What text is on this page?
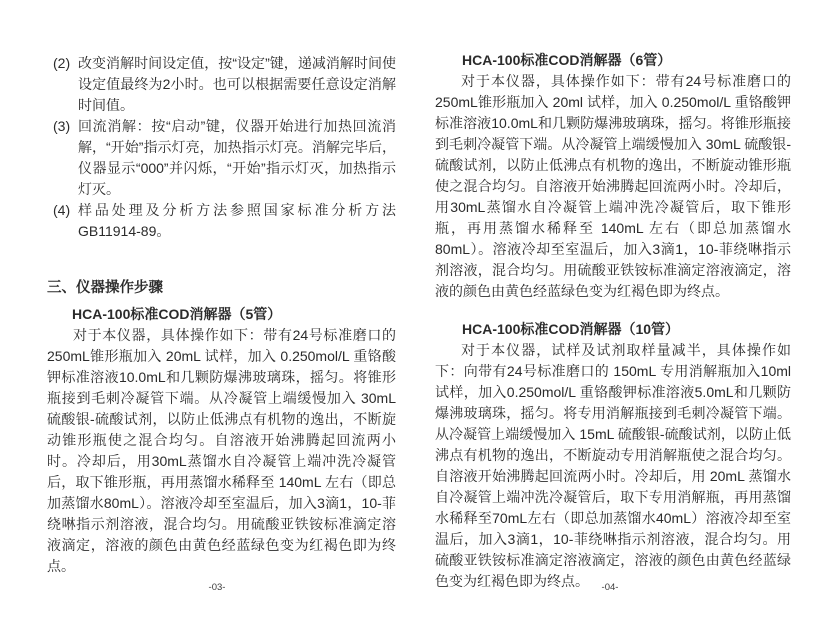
(2) 改变消解时间设定值，按“设定”键，递减消解时间使设定值最终为2小时。也可以根据需要任意设定消解时间值。
(3) 回流消解：按“启动”键，仪器开始进行加热回流消解，“开始”指示灯亮，加热指示灯亮。消解完毕后，仪器显示“000”并闪烁，“开始”指示灯灭，加热指示灯灭。
(4) 样品处理及分析方法参照国家标准分析方法GB11914-89。
三、仪器操作步骤
HCA-100标准COD消解器（5管）

对于本仪器，具体操作如下：带有24号标准磨口的250mL锥形瓶加入 20mL 试样，加入 0.250mol/L 重铬酸钾标准溶液10.0mL和几颗防爆沸玻璃珠，摇匀。将锥形瓶接到毛刺冷凝管下端。从冷凝管上端缓慢加入 30mL 硫酸银-硫酸试剂，以防止低沸点有机物的逸出，不断旋动锥形瓶使之混合均匀。自溶液开始沸腾起回流两小时。冷却后，用30mL蒸馏水自冷凝管上端冲洗冷凝管后，取下锥形瓶，再用蒸馏水稀释至 140mL 左右（即总加蒸馏水80mL）。溶液冷却至室温后，加入3滴1，10-菲绕啉指示剂溶液，混合均匀。用硫酸亚铁铵标准滴定溶液滴定，溶液的颜色由黄色经蓝绿色变为红褐色即为终点。

HCA-100标准COD消解器（6管）

对于本仪器，具体操作如下：带有24号标准磨口的250mL锥形瓶加入 20ml 试样，加入 0.250mol/L 重铬酸钾标准溶液10.0mL和几颗防爆沸玻璃珠，摇匀。将锥形瓶接到毛刺冷凝管下端。从冷凝管上端缓慢加入 30mL 硫酸银-硫酸试剂，以防止低沸点有机物的逸出，不断旋动锥形瓶使之混合均匀。自溶液开始沸腾起回流两小时。冷却后，用30mL蒸馏水自冷凝管上端冲洗冷凝管后，取下锥形瓶，再用蒸馏水稀释至 140mL 左右（即总加蒸馏水80mL）。溶液冷却至室温后，加入3滴1，10-菲绕啉指示剂溶液，混合均匀。用硫酸亚铁铵标准滴定溶液滴定，溶液的颜色由黄色经蓝绿色变为红褐色即为终点。

HCA-100标准COD消解器（10管）

对于本仪器，试样及试剂取样量减半，具体操作如下：向带有24号标准磨口的 150mL 专用消解瓶加入10ml试样，加入0.250mol/L 重铬酸钾标准溶液5.0mL和几颗防爆沸玻璃珠，摇匀。将专用消解瓶接到毛刺冷凝管下端。从冷凝管上端缓慢加入 15mL 硫酸银-硫酸试剂，以防止低沸点有机物的逸出，不断旋动专用消解瓶使之混合均匀。自溶液开始沸腾起回流两小时。冷却后，用 20mL 蒸馏水自冷凝管上端冲洗冷凝管后，取下专用消解瓶，再用蒸馏水稀释至70mL左右（即总加蒸馏水40mL）溶液冷却至室温后，加入3滴1，10-菲绕啉指示剂溶液，混合均匀。用硫酸亚铁铵标准滴定溶液滴定，溶液的颜色由黄色经蓝绿色变为红褐色即为终点。

-03-	-04-
